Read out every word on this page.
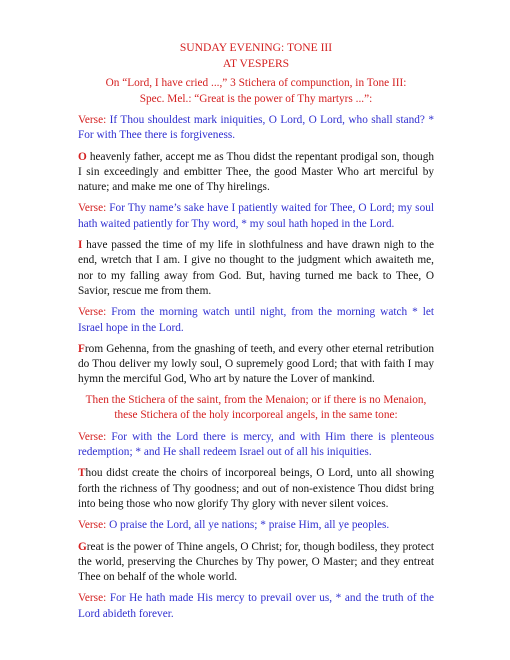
SUNDAY EVENING: TONE III
AT VESPERS
On “Lord, I have cried ...,” 3 Stichera of compunction, in Tone III:
Spec. Mel.: “Great is the power of Thy martyrs ...”:
Verse: If Thou shouldest mark iniquities, O Lord, O Lord, who shall stand? * For with Thee there is forgiveness.
O heavenly father, accept me as Thou didst the repentant prodigal son, though I sin exceedingly and embitter Thee, the good Master Who art merciful by nature; and make me one of Thy hirelings.
Verse: For Thy name’s sake have I patiently waited for Thee, O Lord; my soul hath waited patiently for Thy word, * my soul hath hoped in the Lord.
I have passed the time of my life in slothfulness and have drawn nigh to the end, wretch that I am. I give no thought to the judgment which awaiteth me, nor to my falling away from God. But, having turned me back to Thee, O Savior, rescue me from them.
Verse: From the morning watch until night, from the morning watch * let Israel hope in the Lord.
From Gehenna, from the gnashing of teeth, and every other eternal retribution do Thou deliver my lowly soul, O supremely good Lord; that with faith I may hymn the merciful God, Who art by nature the Lover of mankind.
Then the Stichera of the saint, from the Menaion; or if there is no Menaion, these Stichera of the holy incorporeal angels, in the same tone:
Verse: For with the Lord there is mercy, and with Him there is plenteous redemption; * and He shall redeem Israel out of all his iniquities.
Thou didst create the choirs of incorporeal beings, O Lord, unto all showing forth the richness of Thy goodness; and out of non-existence Thou didst bring into being those who now glorify Thy glory with never silent voices.
Verse: O praise the Lord, all ye nations; * praise Him, all ye peoples.
Great is the power of Thine angels, O Christ; for, though bodiless, they protect the world, preserving the Churches by Thy power, O Master; and they entreat Thee on behalf of the whole world.
Verse: For He hath made His mercy to prevail over us, * and the truth of the Lord abideth forever.
